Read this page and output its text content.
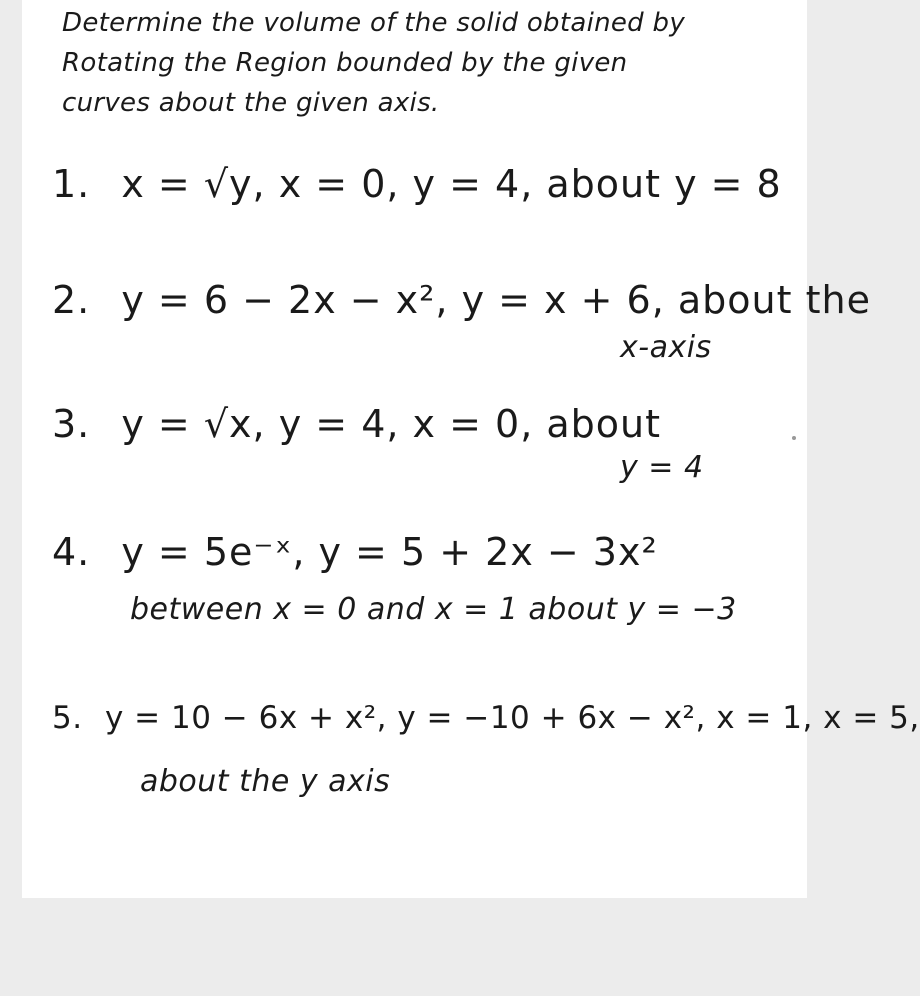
Determine the volume of the solid obtained by
Rotating the Region bounded by the given
curves about the given axis.
1. x = √y, x = 0, y = 4, about y = 8
2. y = 6 − 2x − x², y = x + 6, about the
x-axis
3. y = √x, y = 4, x = 0, about
y = 4
4. y = 5e⁻ˣ, y = 5 + 2x − 3x²
between x = 0 and x = 1 about y = −3
5. y = 10 − 6x + x², y = −10 + 6x − x², x = 1, x = 5,
about the y axis
